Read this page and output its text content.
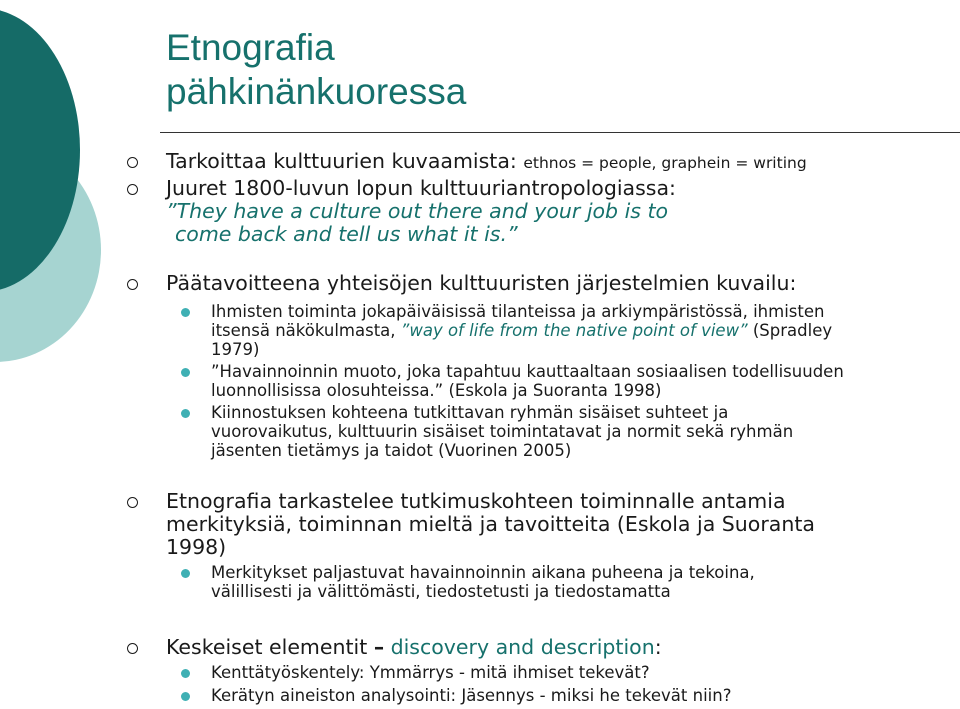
Etnografia
pähkinänkuoressa
Tarkoittaa kulttuurien kuvaamista: ethnos = people, graphein = writing
Juuret 1800-luvun lopun kulttuuriantropologiassa:
”They have a culture out there and your job is to
come back and tell us what it is.”
Päätavoitteena yhteisöjen kulttuuristen järjestelmien kuvailu:
Ihmisten toiminta jokapäiväisissä tilanteissa ja arkiympäristössä, ihmisten
itsensä näkökulmasta, ”way of life from the native point of view” (Spradley
1979)
”Havainnoinnin muoto, joka tapahtuu kauttaaltaan sosiaalisen todellisuuden
luonnollisissa olosuhteissa.” (Eskola ja Suoranta 1998)
Kiinnostuksen kohteena tutkittavan ryhmän sisäiset suhteet ja
vuorovaikutus, kulttuurin sisäiset toimintatavat ja normit sekä ryhmän
jäsenten tietämys ja taidot (Vuorinen 2005)
Etnografia tarkastelee tutkimuskohteen toiminnalle antamia
merkityksiä, toiminnan mieltä ja tavoitteita (Eskola ja Suoranta
1998)
Merkitykset paljastuvat havainnoinnin aikana puheena ja tekoina,
välillisesti ja välittömästi, tiedostetusti ja tiedostamatta
Keskeiset elementit – discovery and description:
Kenttätyöskentely: Ymmärrys - mitä ihmiset tekevät?
Kerätyn aineiston analysointi: Jäsennys - miksi he tekevät niin?
